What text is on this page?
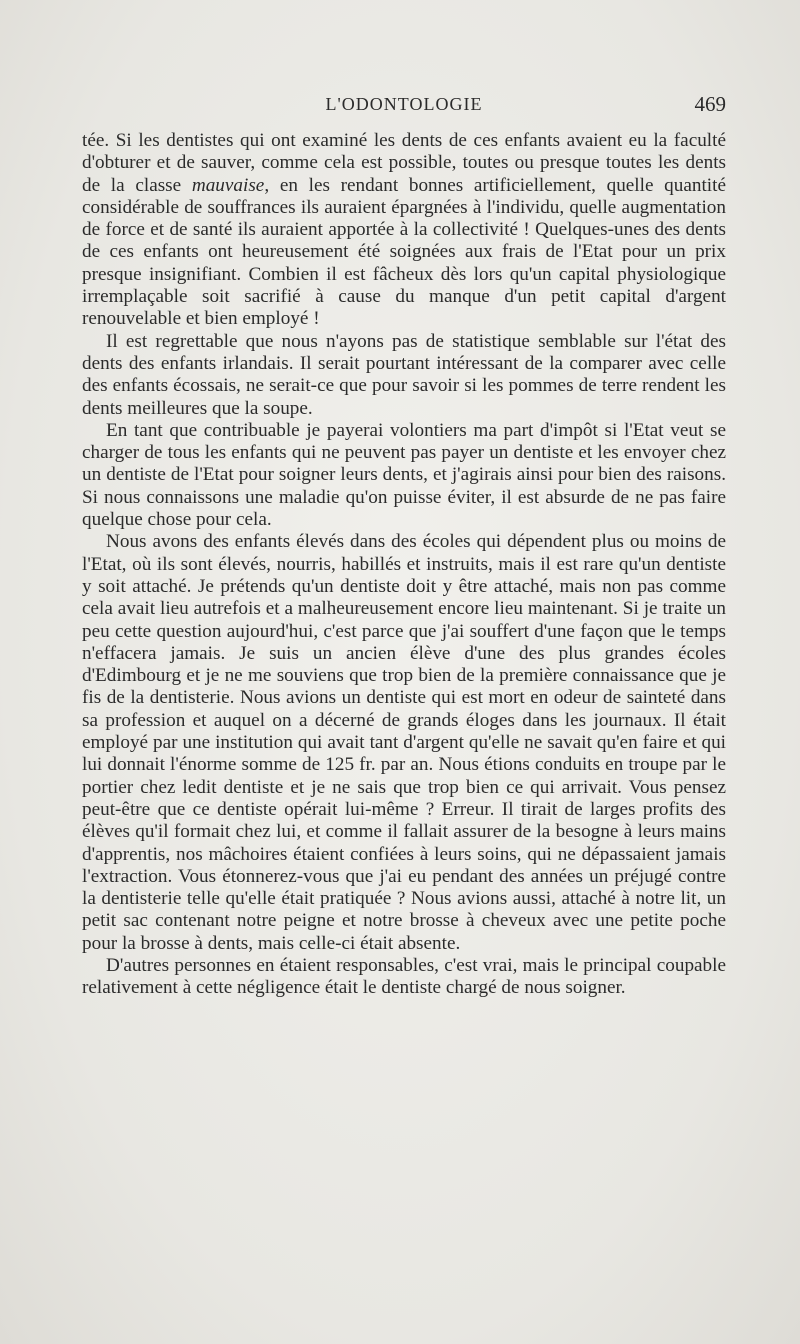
L'ODONTOLOGIE	469

tée. Si les dentistes qui ont examiné les dents de ces enfants avaient eu la faculté d'obturer et de sauver, comme cela est possible, toutes ou presque toutes les dents de la classe mauvaise, en les rendant bonnes artificiellement, quelle quantité considérable de souffrances ils auraient épargnées à l'individu, quelle augmentation de force et de santé ils auraient apportée à la collectivité ! Quelques-unes des dents de ces enfants ont heureusement été soignées aux frais de l'Etat pour un prix presque insignifiant. Combien il est fâcheux dès lors qu'un capital physiologique irremplaçable soit sacrifié à cause du manque d'un petit capital d'argent renouvelable et bien employé !

Il est regrettable que nous n'ayons pas de statistique semblable sur l'état des dents des enfants irlandais. Il serait pourtant intéressant de la comparer avec celle des enfants écossais, ne serait-ce que pour savoir si les pommes de terre rendent les dents meilleures que la soupe.

En tant que contribuable je payerai volontiers ma part d'impôt si l'Etat veut se charger de tous les enfants qui ne peuvent pas payer un dentiste et les envoyer chez un dentiste de l'Etat pour soigner leurs dents, et j'agirais ainsi pour bien des raisons. Si nous connaissons une maladie qu'on puisse éviter, il est absurde de ne pas faire quelque chose pour cela.

Nous avons des enfants élevés dans des écoles qui dépendent plus ou moins de l'Etat, où ils sont élevés, nourris, habillés et instruits, mais il est rare qu'un dentiste y soit attaché. Je prétends qu'un dentiste doit y être attaché, mais non pas comme cela avait lieu autrefois et a malheureusement encore lieu maintenant. Si je traite un peu cette question aujourd'hui, c'est parce que j'ai souffert d'une façon que le temps n'effacera jamais. Je suis un ancien élève d'une des plus grandes écoles d'Edimbourg et je ne me souviens que trop bien de la première connaissance que je fis de la dentisterie. Nous avions un dentiste qui est mort en odeur de sainteté dans sa profession et auquel on a décerné de grands éloges dans les journaux. Il était employé par une institution qui avait tant d'argent qu'elle ne savait qu'en faire et qui lui donnait l'énorme somme de 125 fr. par an. Nous étions conduits en troupe par le portier chez ledit dentiste et je ne sais que trop bien ce qui arrivait. Vous pensez peut-être que ce dentiste opérait lui-même ? Erreur. Il tirait de larges profits des élèves qu'il formait chez lui, et comme il fallait assurer de la besogne à leurs mains d'apprentis, nos mâchoires étaient confiées à leurs soins, qui ne dépassaient jamais l'extraction. Vous étonnerez-vous que j'ai eu pendant des années un préjugé contre la dentisterie telle qu'elle était pratiquée ? Nous avions aussi, attaché à notre lit, un petit sac contenant notre peigne et notre brosse à cheveux avec une petite poche pour la brosse à dents, mais celle-ci était absente.

D'autres personnes en étaient responsables, c'est vrai, mais le principal coupable relativement à cette négligence était le dentiste chargé de nous soigner.
